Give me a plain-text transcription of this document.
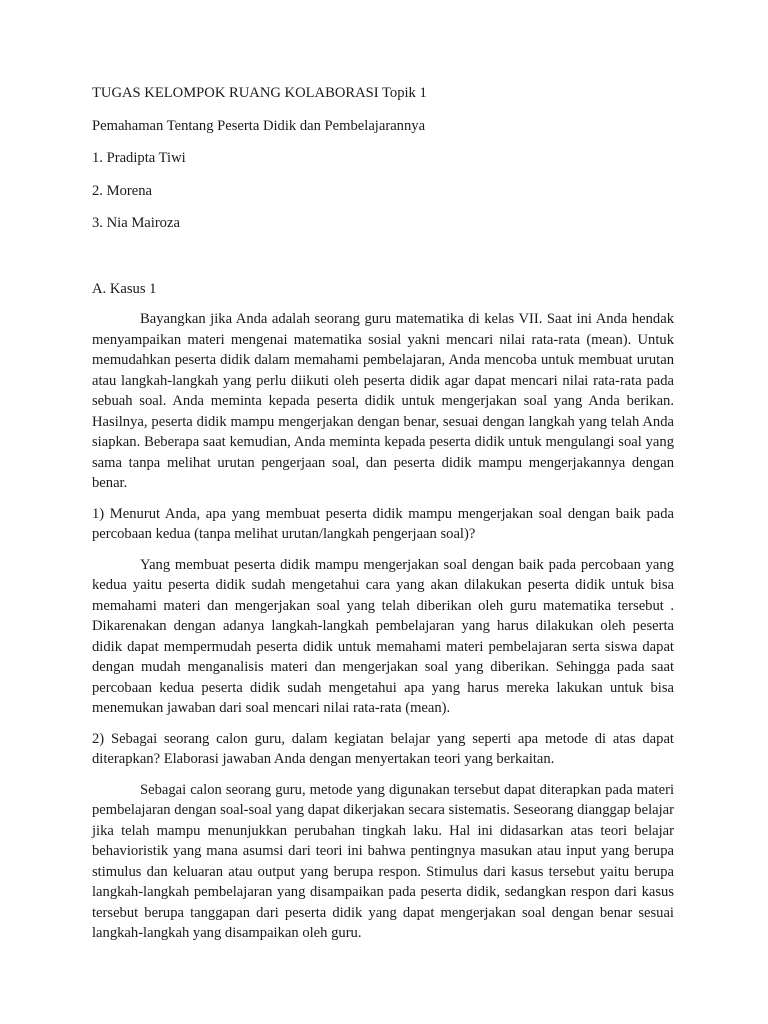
TUGAS KELOMPOK RUANG KOLABORASI Topik 1

Pemahaman Tentang Peserta Didik dan Pembelajarannya

1. Pradipta Tiwi

2. Morena

3. Nia Mairoza

A. Kasus 1

Bayangkan jika Anda adalah seorang guru matematika di kelas VII. Saat ini Anda hendak menyampaikan materi mengenai matematika sosial yakni mencari nilai rata-rata (mean). Untuk memudahkan peserta didik dalam memahami pembelajaran, Anda mencoba untuk membuat urutan atau langkah-langkah yang perlu diikuti oleh peserta didik agar dapat mencari nilai rata-rata pada sebuah soal. Anda meminta kepada peserta didik untuk mengerjakan soal yang Anda berikan. Hasilnya, peserta didik mampu mengerjakan dengan benar, sesuai dengan langkah yang telah Anda siapkan. Beberapa saat kemudian, Anda meminta kepada peserta didik untuk mengulangi soal yang sama tanpa melihat urutan pengerjaan soal, dan peserta didik mampu mengerjakannya dengan benar.

1) Menurut Anda, apa yang membuat peserta didik mampu mengerjakan soal dengan baik pada percobaan kedua (tanpa melihat urutan/langkah pengerjaan soal)?

Yang membuat peserta didik mampu mengerjakan soal dengan baik pada percobaan yang kedua yaitu peserta didik sudah mengetahui cara yang akan dilakukan peserta didik untuk bisa memahami materi dan mengerjakan soal yang telah diberikan oleh guru matematika tersebut . Dikarenakan dengan adanya langkah-langkah pembelajaran yang harus dilakukan oleh peserta didik dapat mempermudah peserta didik untuk memahami materi pembelajaran serta siswa dapat dengan mudah menganalisis materi dan mengerjakan soal yang diberikan. Sehingga pada saat percobaan kedua peserta didik sudah mengetahui apa yang harus mereka lakukan untuk bisa menemukan jawaban dari soal mencari nilai rata-rata (mean).

2) Sebagai seorang calon guru, dalam kegiatan belajar yang seperti apa metode di atas dapat diterapkan? Elaborasi jawaban Anda dengan menyertakan teori yang berkaitan.

Sebagai calon seorang guru, metode yang digunakan tersebut dapat diterapkan pada materi pembelajaran dengan soal-soal yang dapat dikerjakan secara sistematis. Seseorang dianggap belajar jika telah mampu menunjukkan perubahan tingkah laku. Hal ini didasarkan atas teori belajar behavioristik yang mana asumsi dari teori ini bahwa pentingnya masukan atau input yang berupa stimulus dan keluaran atau output yang berupa respon. Stimulus dari kasus tersebut yaitu berupa langkah-langkah pembelajaran yang disampaikan pada peserta didik, sedangkan respon dari kasus tersebut berupa tanggapan dari peserta didik yang dapat mengerjakan soal dengan benar sesuai langkah-langkah yang disampaikan oleh guru.
